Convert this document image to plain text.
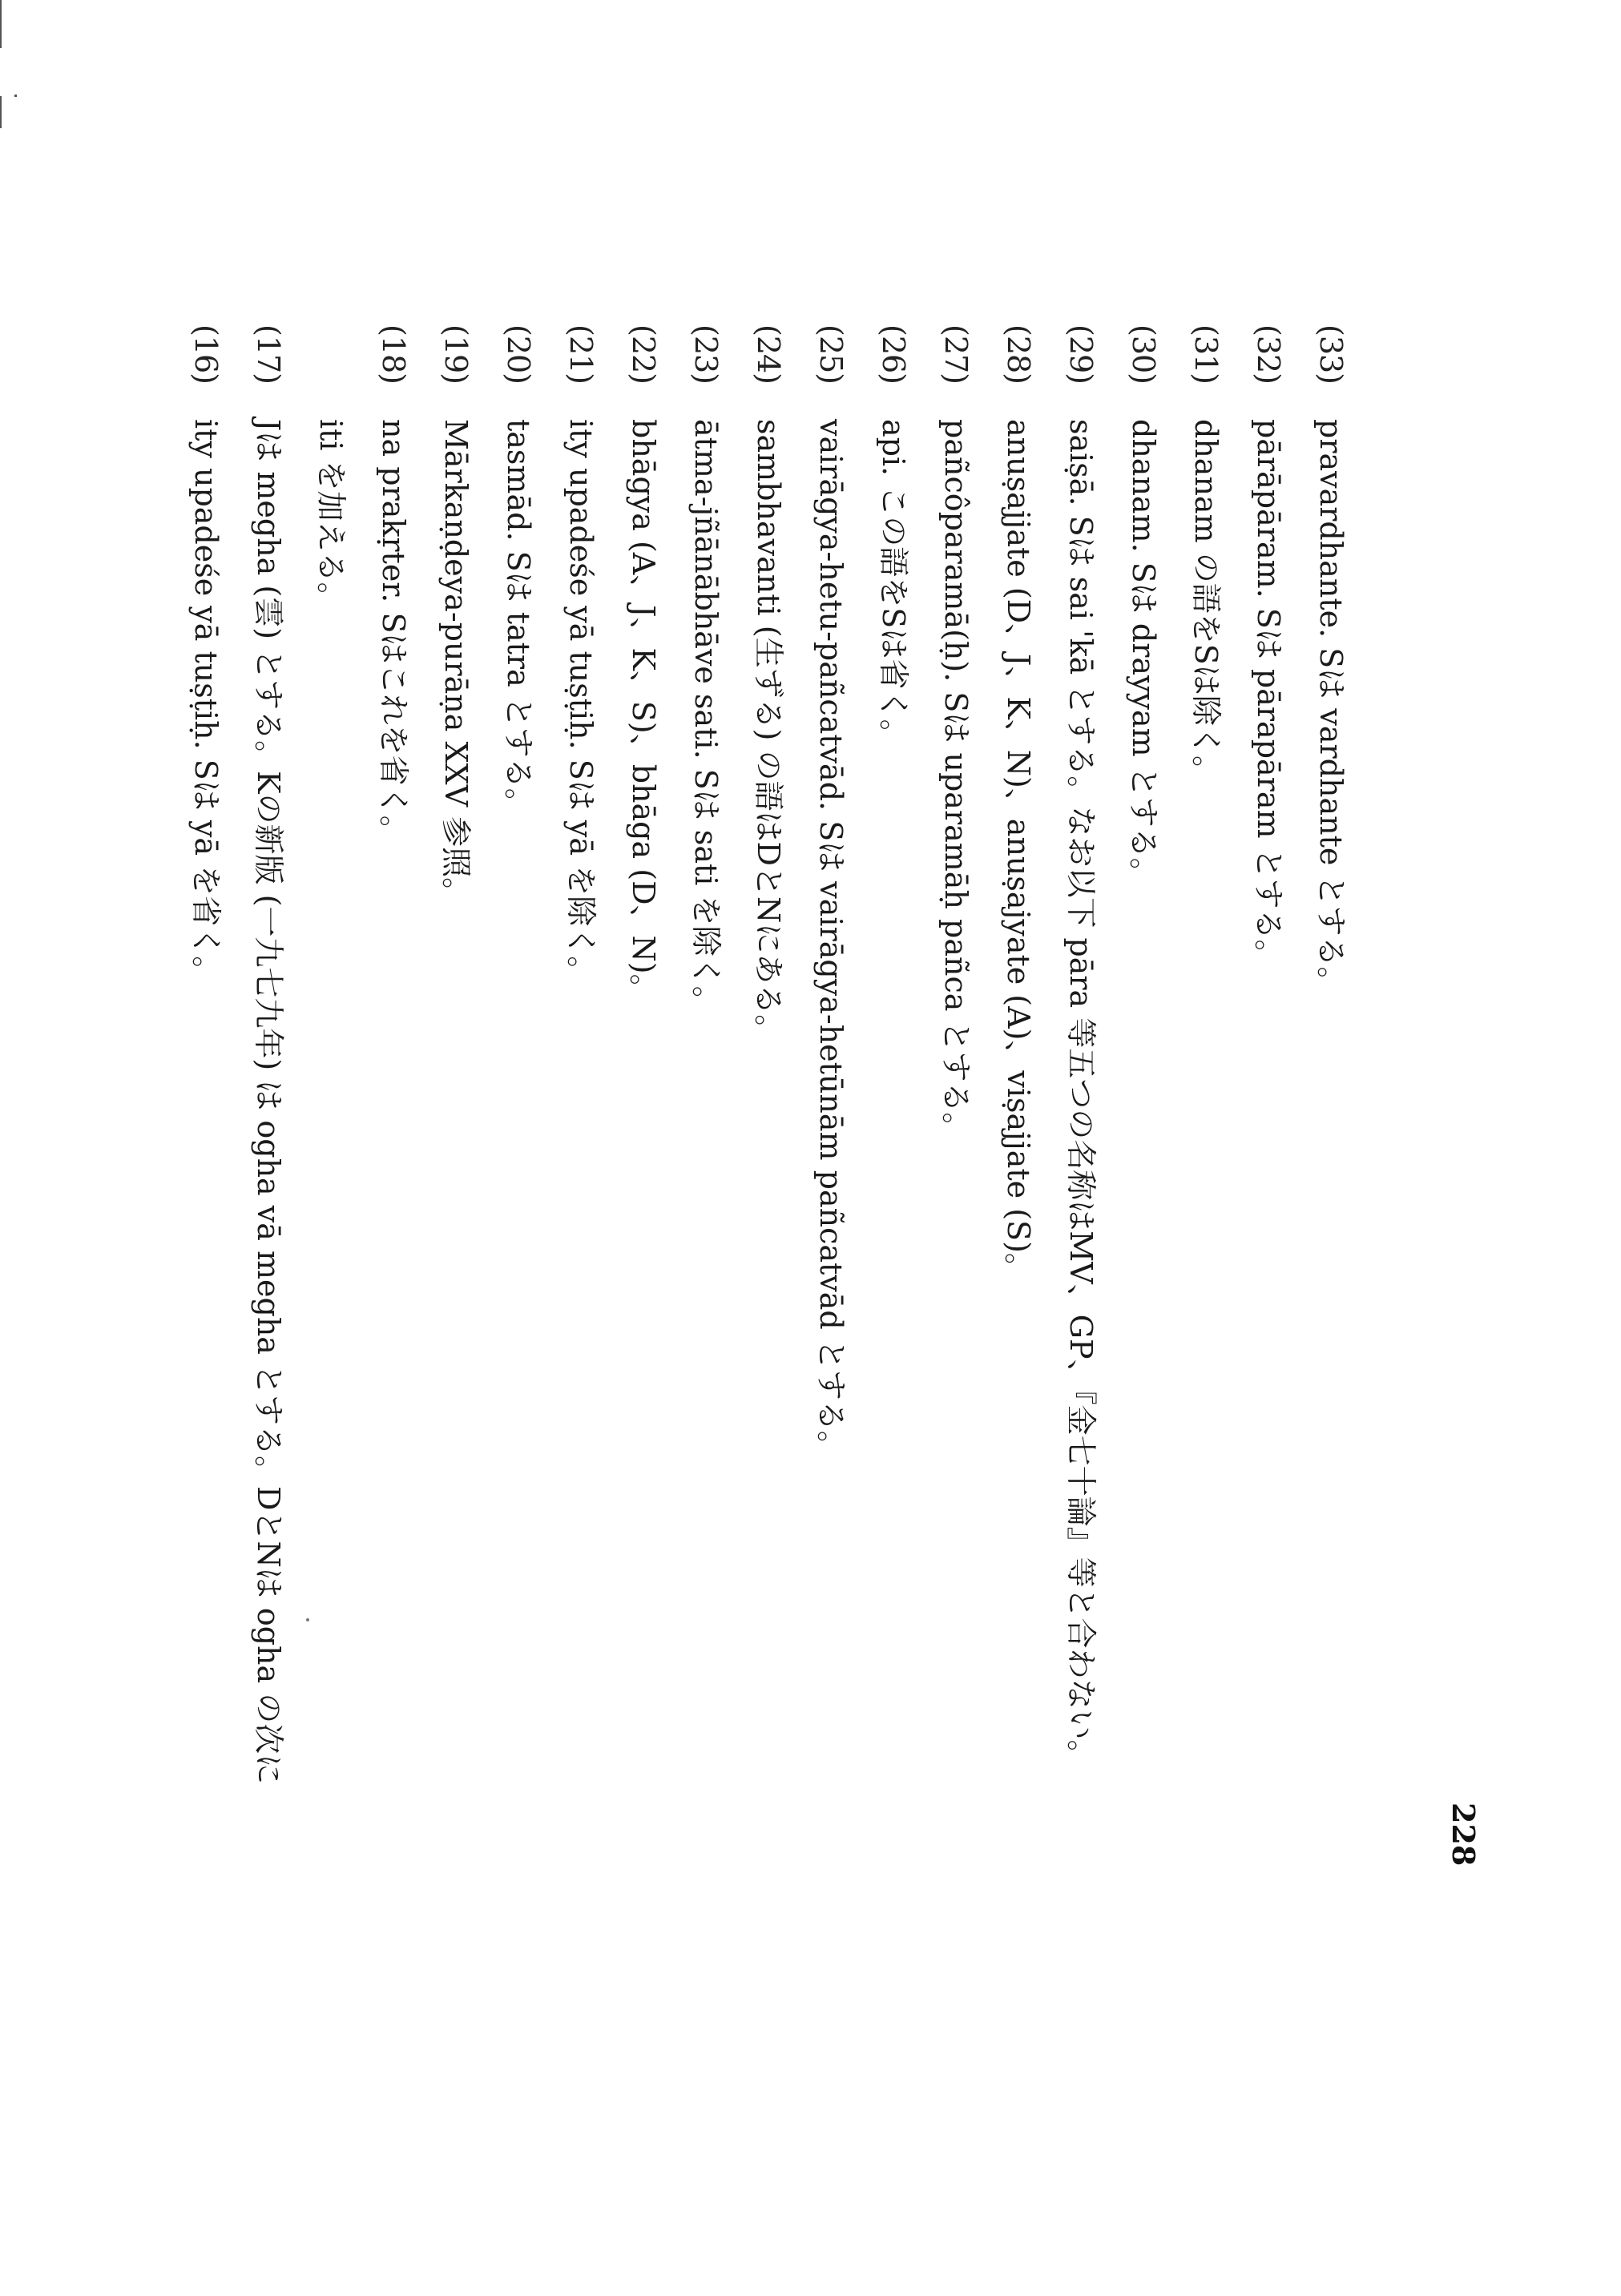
(16)ity upadeśe yā tuṣṭiḥ. Sは yā を省く。
(17)Jは megha (雲) とする。Kの新版 (一九七九年) は ogha vā megha とする。DとNは ogha の次に iti を加える。
(18)na prakṛter. Sはこれを省く。
(19)Mārkaṇḍeya-purāṇa XXV 参照。
(20)tasmād. Sは tatra とする。
(21)ity upadeśe yā tuṣṭiḥ. Sは yā を除く。
(22)bhāgya (A、J、K、S)、bhāga (D、N)。
(23)ātma-jñānābhāve sati. Sは sati を除く。
(24)sambhavanti (生ずる) の語はDとNにある。
(25)vairāgya-hetu-pañcatvād. Sは vairāgya-hetūnām pañcatvād とする。
(26)api. この語をSは省く。
(27)pañcôparamā(ḥ). Sは uparamāḥ pañca とする。
(28)anuṣajjate (D、J、K、N)、anuṣajyate (A)、viṣajjate (S)。
(29)saiṣā. Sは sai 'kā とする。なお以下 pāra 等五つの名称はMV、GP、『金七十論』等と合わない。
(30)dhanam. Sは drayyam とする。
(31)dhanam の語をSは除く。
(32)pārāpāram. Sは pārapāram とする。
(33)pravardhante. Sは vardhante とする。
228
